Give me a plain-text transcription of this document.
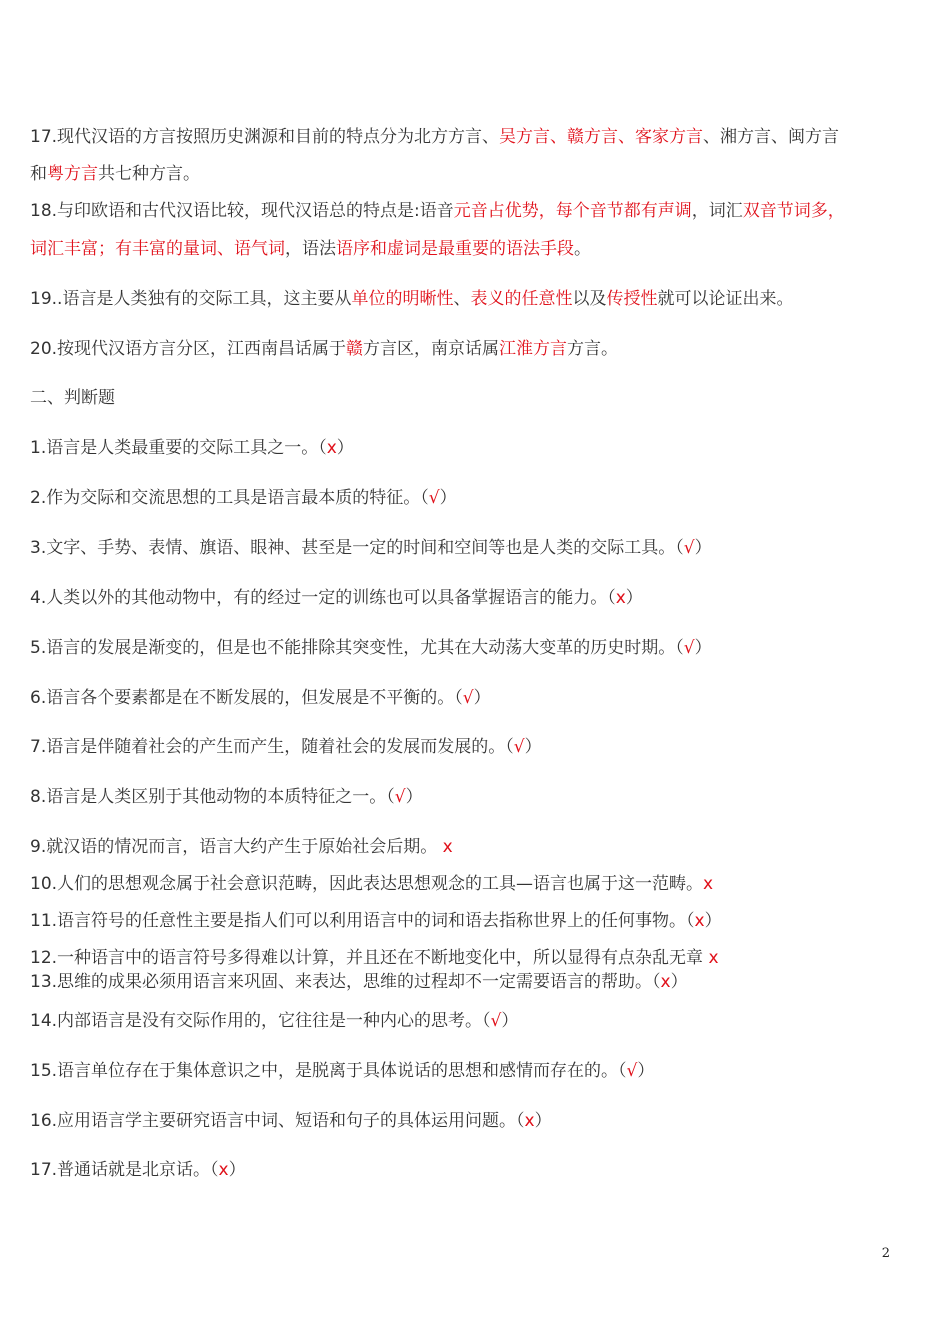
17.现代汉语的方言按照历史渊源和目前的特点分为北方方言、吴方言、赣方言、客家方言、湘方言、闽方言
和粤方言共七种方言。
18.与印欧语和古代汉语比较，现代汉语总的特点是:语音元音占优势，每个音节都有声调，词汇双音节词多，
词汇丰富；有丰富的量词、语气词，语法语序和虚词是最重要的语法手段。
19..语言是人类独有的交际工具，这主要从单位的明晰性、表义的任意性以及传授性就可以论证出来。
20.按现代汉语方言分区，江西南昌话属于赣方言区，南京话属江淮方言方言。
二、判断题
1.语言是人类最重要的交际工具之一。（x）
2.作为交际和交流思想的工具是语言最本质的特征。（√）
3.文字、手势、表情、旗语、眼神、甚至是一定的时间和空间等也是人类的交际工具。（√）
4.人类以外的其他动物中，有的经过一定的训练也可以具备掌握语言的能力。（x）
5.语言的发展是渐变的，但是也不能排除其突变性，尤其在大动荡大变革的历史时期。（√）
6.语言各个要素都是在不断发展的，但发展是不平衡的。（√）
7.语言是伴随着社会的产生而产生，随着社会的发展而发展的。（√）
8.语言是人类区别于其他动物的本质特征之一。（√）
9.就汉语的情况而言，语言大约产生于原始社会后期。 x
10.人们的思想观念属于社会意识范畴，因此表达思想观念的工具—语言也属于这一范畴。x
11.语言符号的任意性主要是指人们可以利用语言中的词和语去指称世界上的任何事物。（x）
12.一种语言中的语言符号多得难以计算，并且还在不断地变化中，所以显得有点杂乱无章 x
13.思维的成果必须用语言来巩固、来表达，思维的过程却不一定需要语言的帮助。（x）
14.内部语言是没有交际作用的，它往往是一种内心的思考。（√）
15.语言单位存在于集体意识之中，是脱离于具体说话的思想和感情而存在的。（√）
16.应用语言学主要研究语言中词、短语和句子的具体运用问题。（x）
17.普通话就是北京话。（x）
2
